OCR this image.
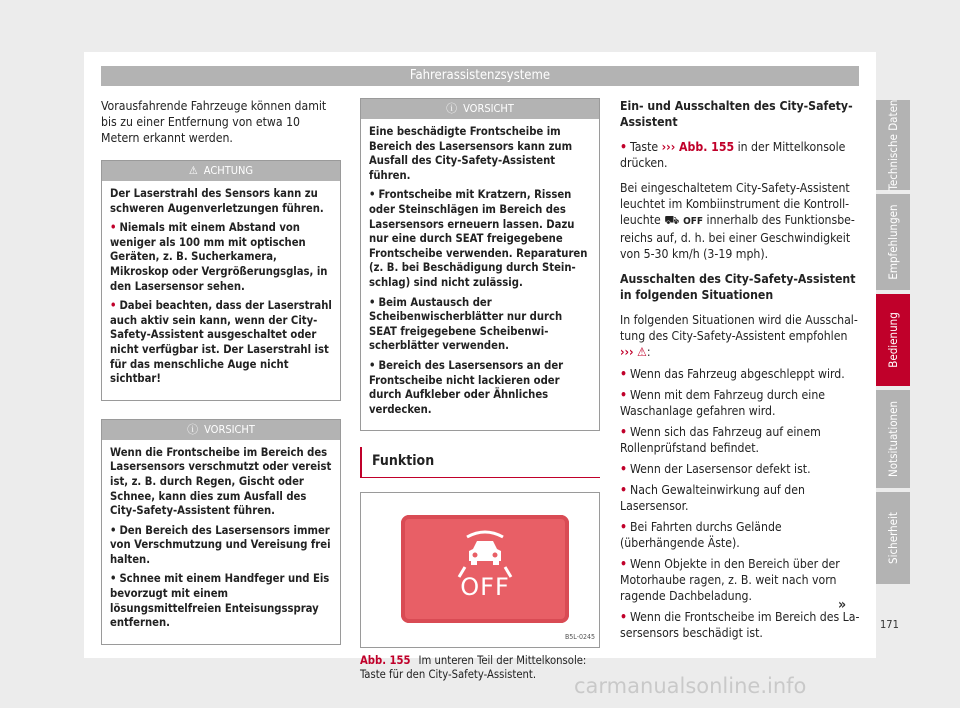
Fahrerassistenzsysteme

Vorausfahrende Fahrzeuge können damit bis zu einer Entfernung von etwa 10 Metern erkannt werden.

⚠ ACHTUNG

Der Laserstrahl des Sensors kann zu schweren Augenverletzungen führen.

• Niemals mit einem Abstand von weniger als 100 mm mit optischen Geräten, z. B. Sucherkamera, Mikroskop oder Vergrößerungsglas, in den Lasersensor sehen.

• Dabei beachten, dass der Laserstrahl auch aktiv sein kann, wenn der City-Safety-Assistent ausgeschaltet oder nicht verfügbar ist. Der Laserstrahl ist für das menschliche Auge nicht sichtbar!

ⓘ VORSICHT

Wenn die Frontscheibe im Bereich des Lasersensors verschmutzt oder vereist ist, z. B. durch Regen, Gischt oder Schnee, kann dies zum Ausfall des City-Safety-Assistent führen.

• Den Bereich des Lasersensors immer von Verschmutzung und Vereisung frei halten.

• Schnee mit einem Handfeger und Eis bevorzugt mit einem lösungsmittelfreien Enteisungsspray entfernen.

ⓘ VORSICHT

Eine beschädigte Frontscheibe im Bereich des Lasersensors kann zum Ausfall des City-Safety-Assistent führen.

• Frontscheibe mit Kratzern, Rissen oder Steinschlägen im Bereich des Lasersensors erneuern lassen. Dazu nur eine durch SEAT freigegebene Frontscheibe verwenden. Reparaturen (z. B. bei Beschädigung durch Steinschlag) sind nicht zulässig.

• Beim Austausch der Scheibenwischerblätter nur durch SEAT freigegebene Scheibenwischerblätter verwenden.

• Bereich des Lasersensors an der Frontscheibe nicht lackieren oder durch Aufkleber oder Ähnliches verdecken.

Funktion
OFF
B5L-0245
Abb. 155 Im unteren Teil der Mittelkonsole: Taste für den City-Safety-Assistent.

Ein- und Ausschalten des City-Safety-Assistent

• Taste ››› Abb. 155 in der Mittelkonsole drücken.

Bei eingeschaltetem City-Safety-Assistent leuchtet im Kombiinstrument die Kontrollleuchte ⛟ OFF innerhalb des Funktionsbereichs auf, d. h. bei einer Geschwindigkeit von 5-30 km/h (3-19 mph).

Ausschalten des City-Safety-Assistent in folgenden Situationen

In folgenden Situationen wird die Ausschaltung des City-Safety-Assistent empfohlen
››› ⚠:

• Wenn das Fahrzeug abgeschleppt wird.

• Wenn mit dem Fahrzeug durch eine Waschanlage gefahren wird.

• Wenn sich das Fahrzeug auf einem Rollenprüfstand befindet.

• Wenn der Lasersensor defekt ist.

• Nach Gewalteinwirkung auf den Lasersensor.

• Bei Fahrten durchs Gelände (überhängende Äste).

• Wenn Objekte in den Bereich über der Motorhaube ragen, z. B. weit nach vorn ragende Dachbeladung.

• Wenn die Frontscheibe im Bereich des Lasersensors beschädigt ist.

»
Technische Daten
Empfehlungen
Bedienung
Notsituationen
Sicherheit
171
carmanualsonline.info
